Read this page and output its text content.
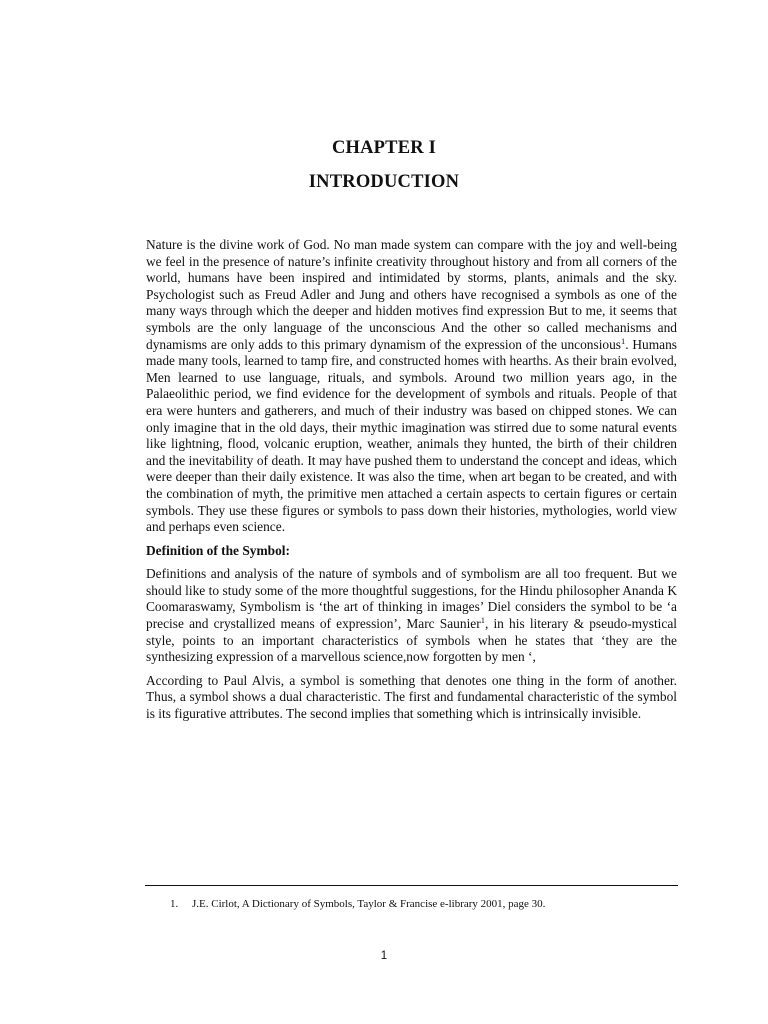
CHAPTER I
INTRODUCTION

Nature is the divine work of God. No man made system can compare with the joy and well-being we feel in the presence of nature’s infinite creativity throughout history and from all corners of the world, humans have been inspired and intimidated by storms, plants, animals and the sky. Psychologist such as Freud Adler and Jung and others have recognised a symbols as one of the many ways through which the deeper and hidden motives find expression But to me, it seems that symbols are the only language of the unconscious And the other so called mechanisms and dynamisms are only adds to this primary dynamism of the expression of the unconsious$^1$. Humans made many tools, learned to tamp fire, and constructed homes with hearths. As their brain evolved, Men learned to use language, rituals, and symbols. Around two million years ago, in the Palaeolithic period, we find evidence for the development of symbols and rituals. People of that era were hunters and gatherers, and much of their industry was based on chipped stones. We can only imagine that in the old days, their mythic imagination was stirred due to some natural events like lightning, flood, volcanic eruption, weather, animals they hunted, the birth of their children and the inevitability of death. It may have pushed them to understand the concept and ideas, which were deeper than their daily existence. It was also the time, when art began to be created, and with the combination of myth, the primitive men attached a certain aspects to certain figures or certain symbols. They use these figures or symbols to pass down their histories, mythologies, world view and perhaps even science.

Definition of the Symbol:

Definitions and analysis of the nature of symbols and of symbolism are all too frequent. But we should like to study some of the more thoughtful suggestions, for the Hindu philosopher Ananda K Coomaraswamy, Symbolism is ‘the art of thinking in images’ Diel considers the symbol to be ‘a precise and crystallized means of expression’, Marc Saunier$^1$, in his literary & pseudo-mystical style, points to an important characteristics of symbols when he states that ‘they are the synthesizing expression of a marvellous science,now forgotten by men ‘,

According to Paul Alvis, a symbol is something that denotes one thing in the form of another. Thus, a symbol shows a dual characteristic. The first and fundamental characteristic of the symbol is its figurative attributes. The second implies that something which is intrinsically invisible.

1. J.E. Cirlot, A Dictionary of Symbols, Taylor & Francise e-library 2001, page 30.
1
